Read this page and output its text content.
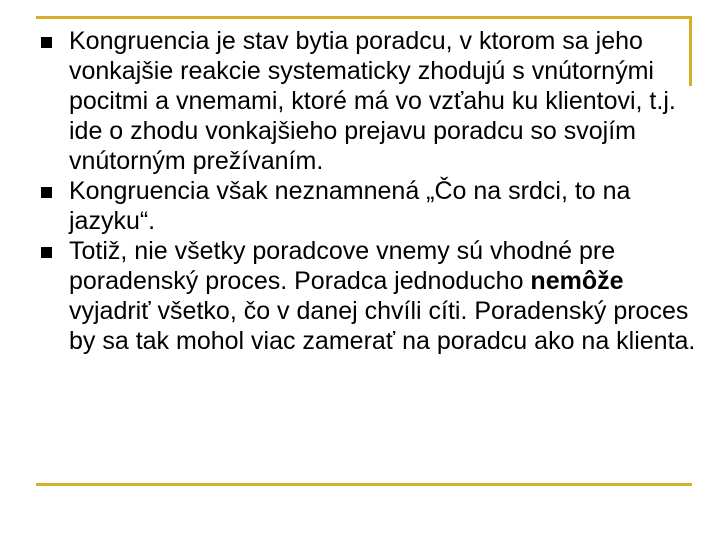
Kongruencia je stav bytia poradcu, v ktorom sa jeho vonkajšie reakcie systematicky zhodujú s vnútornými pocitmi a vnemami, ktoré má vo vzťahu ku klientovi, t.j. ide o zhodu vonkajšieho prejavu poradcu so svojím vnútorným prežívaním.
Kongruencia však neznamnená „Čo na srdci, to na jazyku“.
Totiž, nie všetky poradcove vnemy sú vhodné pre poradenský proces. Poradca jednoducho nemôže vyjadriť všetko, čo v danej chvíli cíti. Poradenský proces by sa tak mohol viac zamerať na poradcu ako na klienta.
